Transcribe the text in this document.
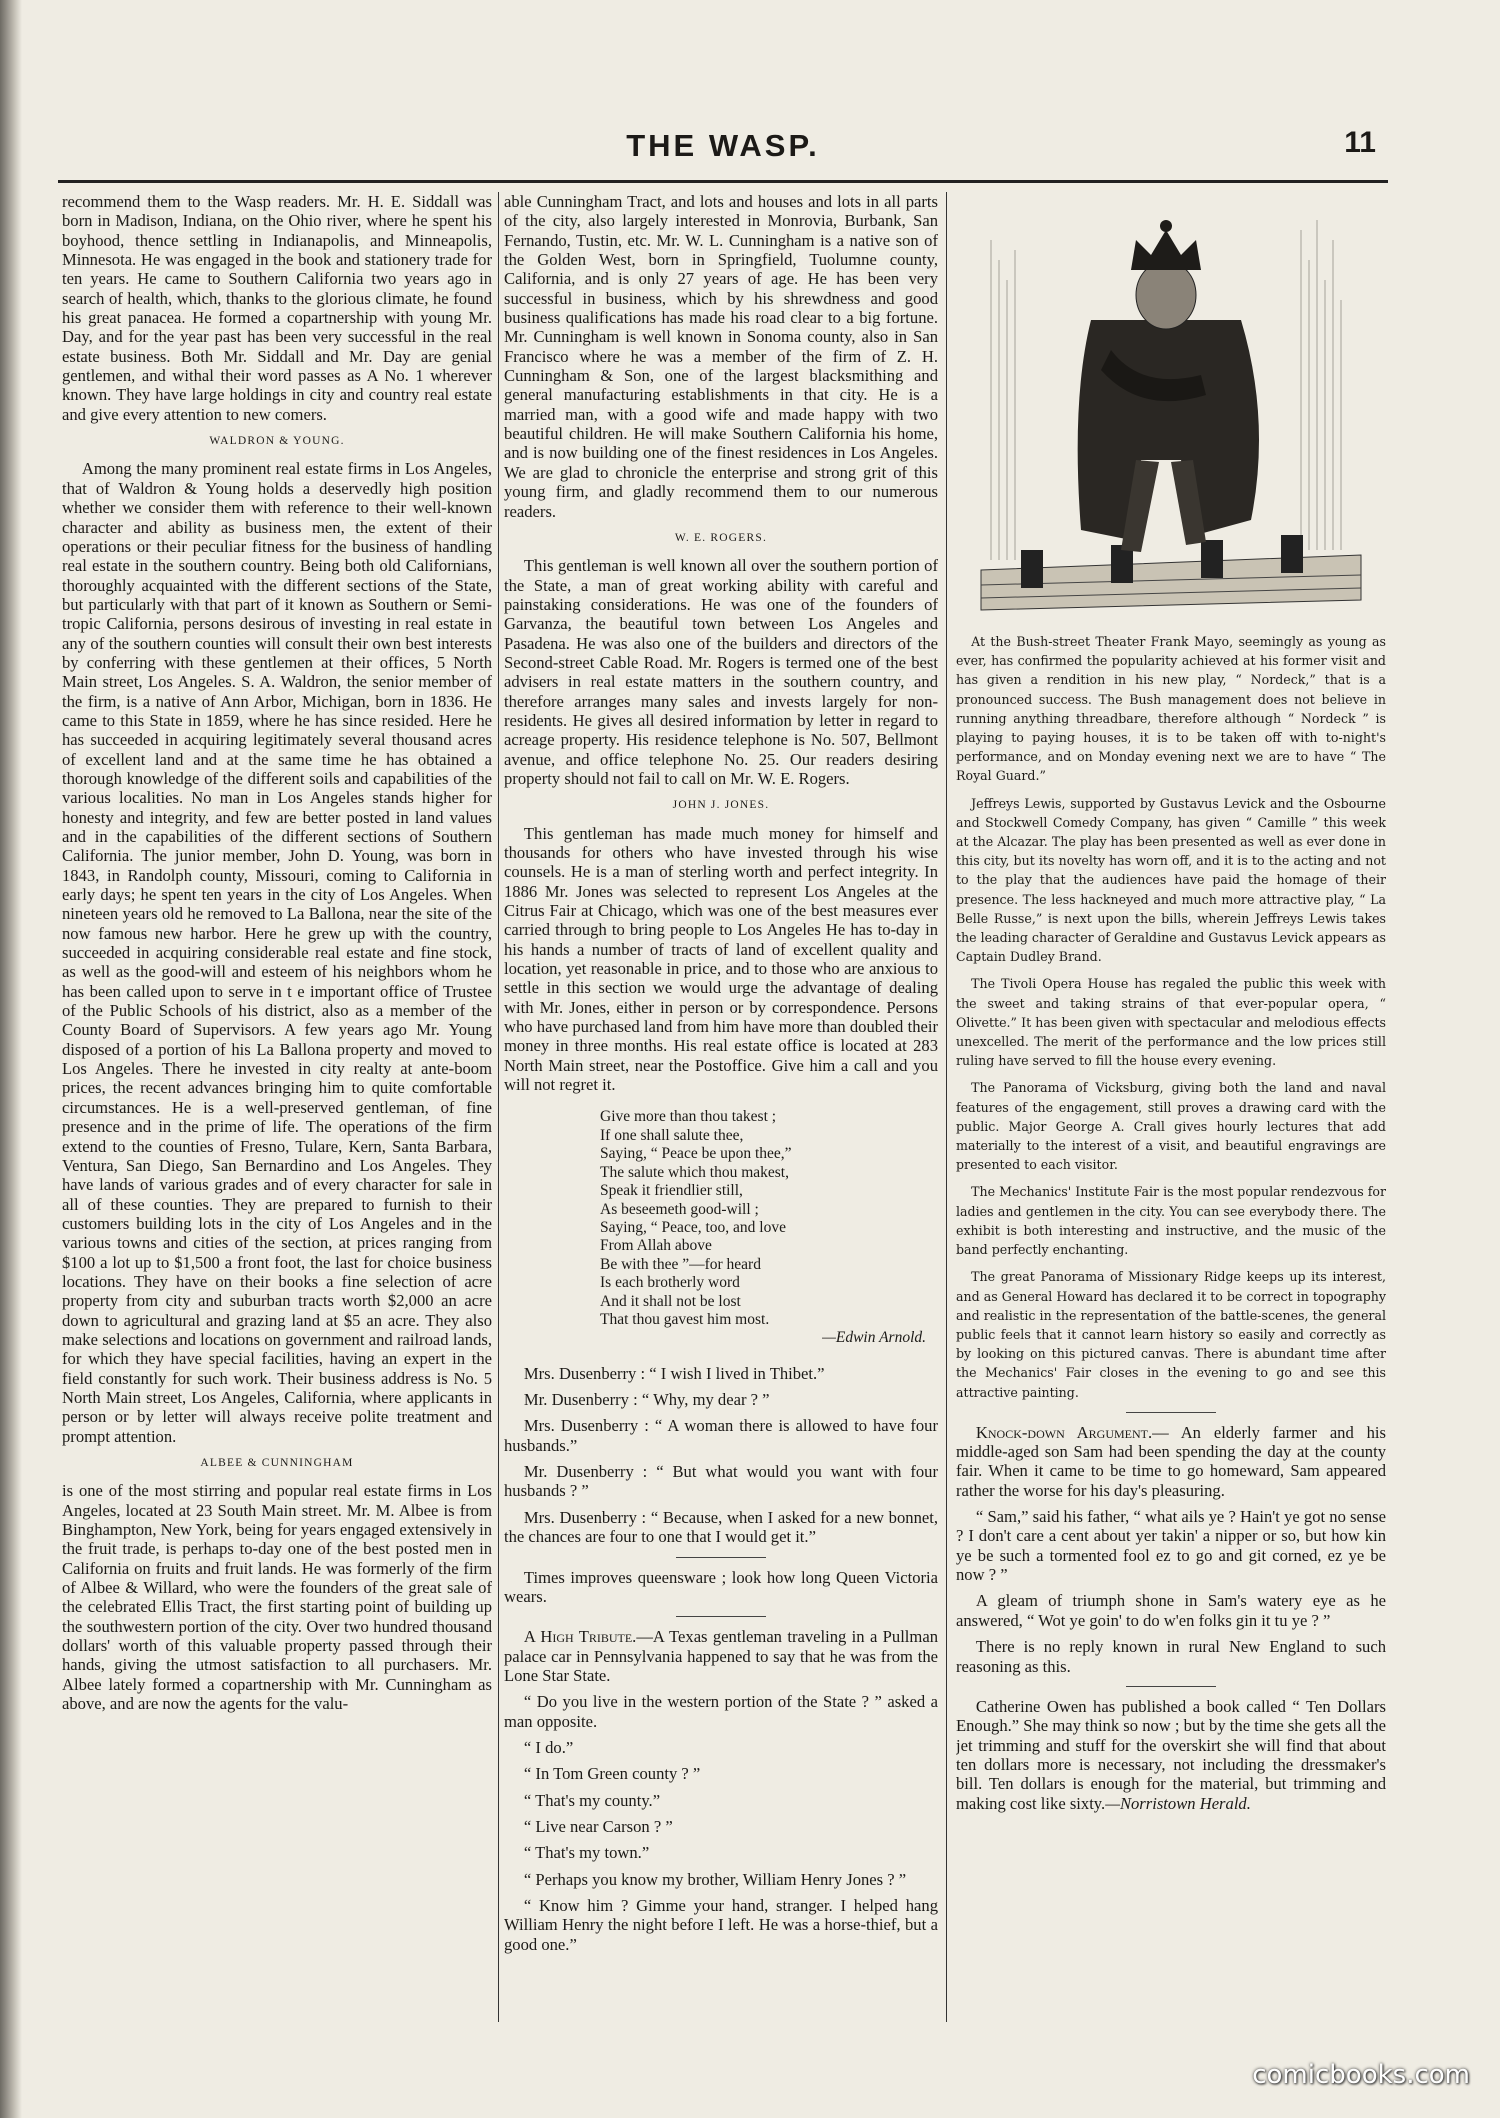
THE WASP.	11

recommend them to the Wasp readers. Mr. H. E. Siddall was born in Madison, Indiana, on the Ohio river, where he spent his boyhood, thence settling in Indianapolis, and Minneapolis, Minnesota. He was engaged in the book and stationery trade for ten years. He came to Southern California two years ago in search of health, which, thanks to the glorious climate, he found his great panacea. He formed a copartnership with young Mr. Day, and for the year past has been very successful in the real estate business. Both Mr. Siddall and Mr. Day are genial gentlemen, and withal their word passes as A No. 1 wherever known. They have large holdings in city and country real estate and give every attention to new comers.

WALDRON & YOUNG.

Among the many prominent real estate firms in Los Angeles, that of Waldron & Young holds a deservedly high position whether we consider them with reference to their well-known character and ability as business men, the extent of their operations or their peculiar fitness for the business of handling real estate in the southern country. Being both old Californians, thoroughly acquainted with the different sections of the State, but particularly with that part of it known as Southern or Semi-tropic California, persons desirous of investing in real estate in any of the southern counties will consult their own best interests by conferring with these gentlemen at their offices, 5 North Main street, Los Angeles. S. A. Waldron, the senior member of the firm, is a native of Ann Arbor, Michigan, born in 1836. He came to this State in 1859, where he has since resided. Here he has succeeded in acquiring legitimately several thousand acres of excellent land and at the same time he has obtained a thorough knowledge of the different soils and capabilities of the various localities. No man in Los Angeles stands higher for honesty and integrity, and few are better posted in land values and in the capabilities of the different sections of Southern California. The junior member, John D. Young, was born in 1843, in Randolph county, Missouri, coming to California in early days; he spent ten years in the city of Los Angeles. When nineteen years old he removed to La Ballona, near the site of the now famous new harbor. Here he grew up with the country, succeeded in acquiring considerable real estate and fine stock, as well as the good-will and esteem of his neighbors whom he has been called upon to serve in t e important office of Trustee of the Public Schools of his district, also as a member of the County Board of Supervisors. A few years ago Mr. Young disposed of a portion of his La Ballona property and moved to Los Angeles. There he invested in city realty at ante-boom prices, the recent advances bringing him to quite comfortable circumstances. He is a well-preserved gentleman, of fine presence and in the prime of life. The operations of the firm extend to the counties of Fresno, Tulare, Kern, Santa Barbara, Ventura, San Diego, San Bernardino and Los Angeles. They have lands of various grades and of every character for sale in all of these counties. They are prepared to furnish to their customers building lots in the city of Los Angeles and in the various towns and cities of the section, at prices ranging from $100 a lot up to $1,500 a front foot, the last for choice business locations. They have on their books a fine selection of acre property from city and suburban tracts worth $2,000 an acre down to agricultural and grazing land at $5 an acre. They also make selections and locations on government and railroad lands, for which they have special facilities, having an expert in the field constantly for such work. Their business address is No. 5 North Main street, Los Angeles, California, where applicants in person or by letter will always receive polite treatment and prompt attention.

ALBEE & CUNNINGHAM

is one of the most stirring and popular real estate firms in Los Angeles, located at 23 South Main street. Mr. M. Albee is from Binghampton, New York, being for years engaged extensively in the fruit trade, is perhaps to-day one of the best posted men in California on fruits and fruit lands. He was formerly of the firm of Albee & Willard, who were the founders of the great sale of the celebrated Ellis Tract, the first starting point of building up the southwestern portion of the city. Over two hundred thousand dollars' worth of this valuable property passed through their hands, giving the utmost satisfaction to all purchasers. Mr. Albee lately formed a copartnership with Mr. Cunningham as above, and are now the agents for the valu-

able Cunningham Tract, and lots and houses and lots in all parts of the city, also largely interested in Monrovia, Burbank, San Fernando, Tustin, etc. Mr. W. L. Cunningham is a native son of the Golden West, born in Springfield, Tuolumne county, California, and is only 27 years of age. He has been very successful in business, which by his shrewdness and good business qualifications has made his road clear to a big fortune. Mr. Cunningham is well known in Sonoma county, also in San Francisco where he was a member of the firm of Z. H. Cunningham & Son, one of the largest blacksmithing and general manufacturing establishments in that city. He is a married man, with a good wife and made happy with two beautiful children. He will make Southern California his home, and is now building one of the finest residences in Los Angeles. We are glad to chronicle the enterprise and strong grit of this young firm, and gladly recommend them to our numerous readers.

W. E. ROGERS.

This gentleman is well known all over the southern portion of the State, a man of great working ability with careful and painstaking considerations. He was one of the founders of Garvanza, the beautiful town between Los Angeles and Pasadena. He was also one of the builders and directors of the Second-street Cable Road. Mr. Rogers is termed one of the best advisers in real estate matters in the southern country, and therefore arranges many sales and invests largely for non-residents. He gives all desired information by letter in regard to acreage property. His residence telephone is No. 507, Bellmont avenue, and office telephone No. 25. Our readers desiring property should not fail to call on Mr. W. E. Rogers.

JOHN J. JONES.

This gentleman has made much money for himself and thousands for others who have invested through his wise counsels. He is a man of sterling worth and perfect integrity. In 1886 Mr. Jones was selected to represent Los Angeles at the Citrus Fair at Chicago, which was one of the best measures ever carried through to bring people to Los Angeles He has to-day in his hands a number of tracts of land of excellent quality and location, yet reasonable in price, and to those who are anxious to settle in this section we would urge the advantage of dealing with Mr. Jones, either in person or by correspondence. Persons who have purchased land from him have more than doubled their money in three months. His real estate office is located at 283 North Main street, near the Postoffice. Give him a call and you will not regret it.

Give more than thou takest ;
If one shall salute thee,
Saying, “ Peace be upon thee,”
The salute which thou makest,
Speak it friendlier still,
As beseemeth good-will ;
Saying, “ Peace, too, and love
From Allah above
Be with thee ”—for heard
Is each brotherly word
And it shall not be lost
That thou gavest him most.
—Edwin Arnold.

Mrs. Dusenberry : “ I wish I lived in Thibet.”

Mr. Dusenberry : “ Why, my dear ? ”

Mrs. Dusenberry : “ A woman there is allowed to have four husbands.”

Mr. Dusenberry : “ But what would you want with four husbands ? ”

Mrs. Dusenberry : “ Because, when I asked for a new bonnet, the chances are four to one that I would get it.”

Times improves queensware ; look how long Queen Victoria wears.

A High Tribute.—A Texas gentleman traveling in a Pullman palace car in Pennsylvania happened to say that he was from the Lone Star State.

“ Do you live in the western portion of the State ? ” asked a man opposite.

“ I do.”

“ In Tom Green county ? ”

“ That's my county.”

“ Live near Carson ? ”

“ That's my town.”

“ Perhaps you know my brother, William Henry Jones ? ”

“ Know him ? Gimme your hand, stranger. I helped hang William Henry the night before I left. He was a horse-thief, but a good one.”

At the Bush-street Theater Frank Mayo, seemingly as young as ever, has confirmed the popularity achieved at his former visit and has given a rendition in his new play, “ Nordeck,” that is a pronounced success. The Bush management does not believe in running anything threadbare, therefore although “ Nordeck ” is playing to paying houses, it is to be taken off with to-night's performance, and on Monday evening next we are to have “ The Royal Guard.”

Jeffreys Lewis, supported by Gustavus Levick and the Osbourne and Stockwell Comedy Company, has given “ Camille ” this week at the Alcazar. The play has been presented as well as ever done in this city, but its novelty has worn off, and it is to the acting and not to the play that the audiences have paid the homage of their presence. The less hackneyed and much more attractive play, “ La Belle Russe,” is next upon the bills, wherein Jeffreys Lewis takes the leading character of Geraldine and Gustavus Levick appears as Captain Dudley Brand.

The Tivoli Opera House has regaled the public this week with the sweet and taking strains of that ever-popular opera, “ Olivette.” It has been given with spectacular and melodious effects unexcelled. The merit of the performance and the low prices still ruling have served to fill the house every evening.

The Panorama of Vicksburg, giving both the land and naval features of the engagement, still proves a drawing card with the public. Major George A. Crall gives hourly lectures that add materially to the interest of a visit, and beautiful engravings are presented to each visitor.

The Mechanics' Institute Fair is the most popular rendezvous for ladies and gentlemen in the city. You can see everybody there. The exhibit is both interesting and instructive, and the music of the band perfectly enchanting.

The great Panorama of Missionary Ridge keeps up its interest, and as General Howard has declared it to be correct in topography and realistic in the representation of the battle-scenes, the general public feels that it cannot learn history so easily and correctly as by looking on this pictured canvas. There is abundant time after the Mechanics' Fair closes in the evening to go and see this attractive painting.

Knock-down Argument.— An elderly farmer and his middle-aged son Sam had been spending the day at the county fair. When it came to be time to go homeward, Sam appeared rather the worse for his day's pleasuring.

“ Sam,” said his father, “ what ails ye ? Hain't ye got no sense ? I don't care a cent about yer takin' a nipper or so, but how kin ye be such a tormented fool ez to go and git corned, ez ye be now ? ”

A gleam of triumph shone in Sam's watery eye as he answered, “ Wot ye goin' to do w'en folks gin it tu ye ? ”

There is no reply known in rural New England to such reasoning as this.

Catherine Owen has published a book called “ Ten Dollars Enough.” She may think so now ; but by the time she gets all the jet trimming and stuff for the overskirt she will find that about ten dollars more is necessary, not including the dressmaker's bill. Ten dollars is enough for the material, but trimming and making cost like sixty.—Norristown Herald.

comicbooks.com
